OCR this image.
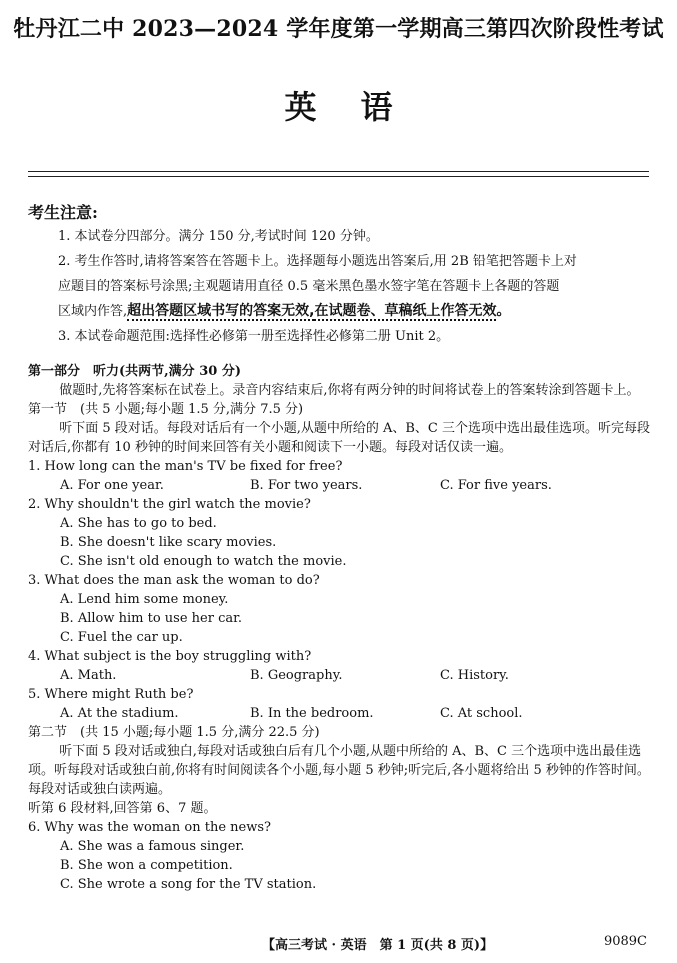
牡丹江二中 2023—2024 学年度第一学期高三第四次阶段性考试
英语
考生注意:
1. 本试卷分四部分。满分 150 分,考试时间 120 分钟。
2. 考生作答时,请将答案答在答题卡上。选择题每小题选出答案后,用 2B 铅笔把答题卡上对
应题目的答案标号涂黑;主观题请用直径 0.5 毫米黑色墨水签字笔在答题卡上各题的答题
区域内作答,超出答题区域书写的答案无效,在试题卷、草稿纸上作答无效。
3. 本试卷命题范围:选择性必修第一册至选择性必修第二册 Unit 2。
第一部分　听力(共两节,满分 30 分)
做题时,先将答案标在试卷上。录音内容结束后,你将有两分钟的时间将试卷上的答案转涂到答题卡上。
第一节　(共 5 小题;每小题 1.5 分,满分 7.5 分)
听下面 5 段对话。每段对话后有一个小题,从题中所给的 A、B、C 三个选项中选出最佳选项。听完每段对话后,你都有 10 秒钟的时间来回答有关小题和阅读下一小题。每段对话仅读一遍。
1. How long can the man's TV be fixed for free?
A. For one year.	B. For two years.	C. For five years.
2. Why shouldn't the girl watch the movie?
A. She has to go to bed.
B. She doesn't like scary movies.
C. She isn't old enough to watch the movie.
3. What does the man ask the woman to do?
A. Lend him some money.
B. Allow him to use her car.
C. Fuel the car up.
4. What subject is the boy struggling with?
A. Math.	B. Geography.	C. History.
5. Where might Ruth be?
A. At the stadium.	B. In the bedroom.	C. At school.
第二节　(共 15 小题;每小题 1.5 分,满分 22.5 分)
听下面 5 段对话或独白,每段对话或独白后有几个小题,从题中所给的 A、B、C 三个选项中选出最佳选项。听每段对话或独白前,你将有时间阅读各个小题,每小题 5 秒钟;听完后,各小题将给出 5 秒钟的作答时间。每段对话或独白读两遍。
听第 6 段材料,回答第 6、7 题。
6. Why was the woman on the news?
A. She was a famous singer.
B. She won a competition.
C. She wrote a song for the TV station.
【高三考试 · 英语　第 1 页(共 8 页)】	9089C
